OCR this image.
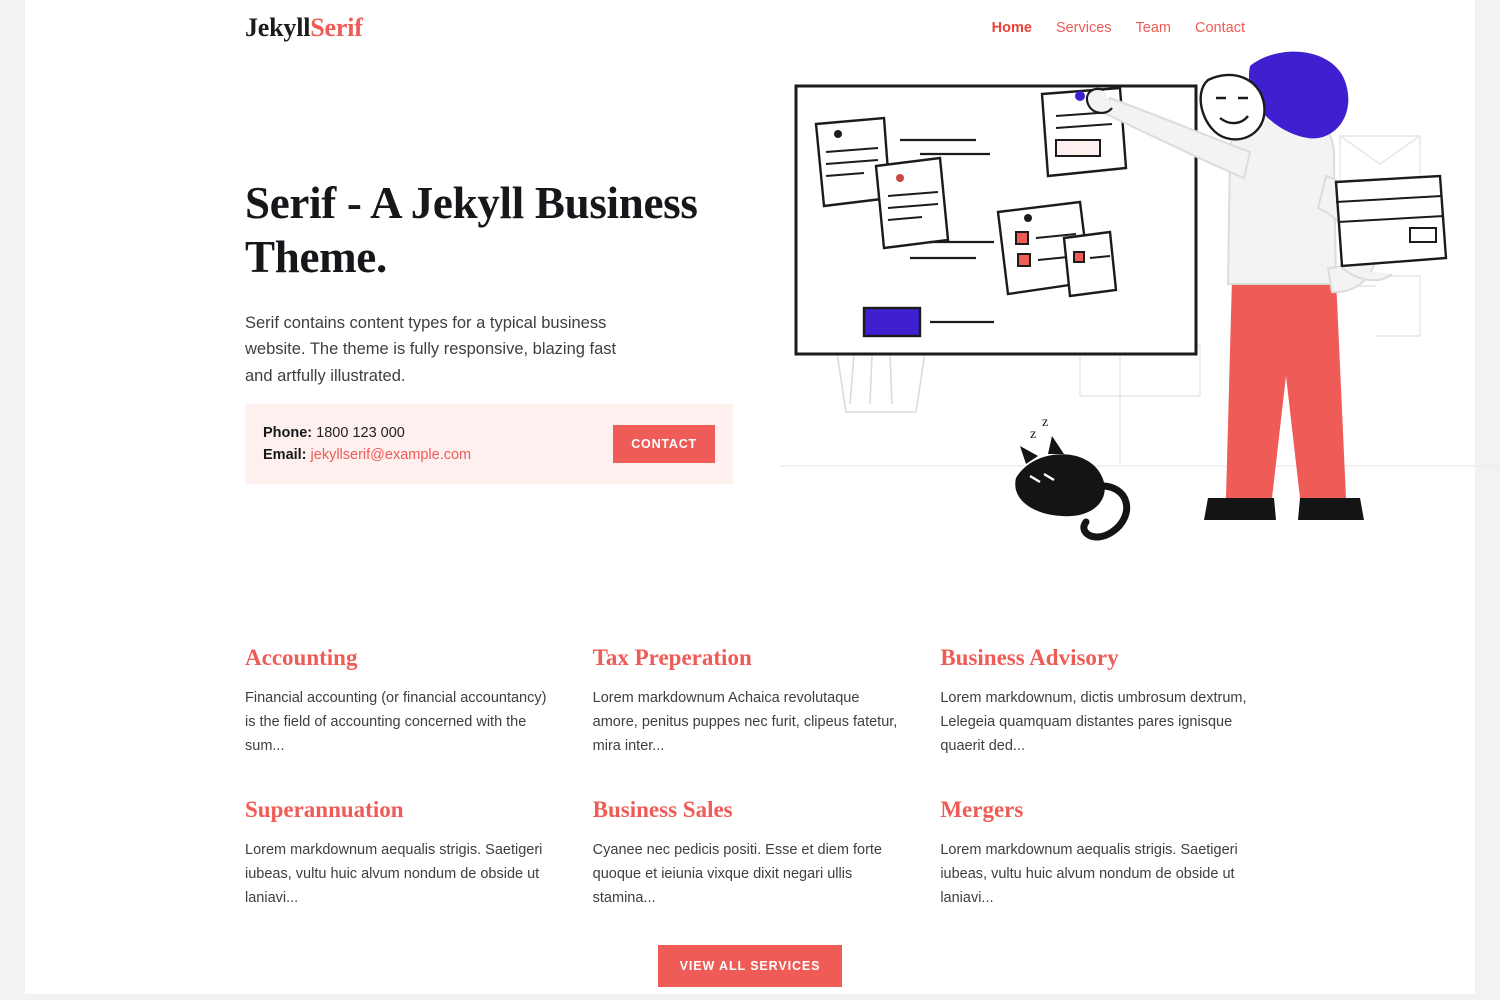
JekyllSerif	Home Services Team Contact
Serif - A Jekyll Business Theme.

Serif contains content types for a typical business website. The theme is fully responsive, blazing fast and artfully illustrated.

Phone: 1800 123 000
Email: jekyllserif@example.com
CONTACT
z
z
Accounting

Financial accounting (or financial accountancy) is the field of accounting concerned with the sum...

Tax Preperation

Lorem markdownum Achaica revolutaque amore, penitus puppes nec furit, clipeus fatetur, mira inter...

Business Advisory

Lorem markdownum, dictis umbrosum dextrum, Lelegeia quamquam distantes pares ignisque quaerit ded...

Superannuation

Lorem markdownum aequalis strigis. Saetigeri iubeas, vultu huic alvum nondum de obside ut laniavi...

Business Sales

Cyanee nec pedicis positi. Esse et diem forte quoque et ieiunia vixque dixit negari ullis stamina...

Mergers

Lorem markdownum aequalis strigis. Saetigeri iubeas, vultu huic alvum nondum de obside ut laniavi...

VIEW ALL SERVICES
